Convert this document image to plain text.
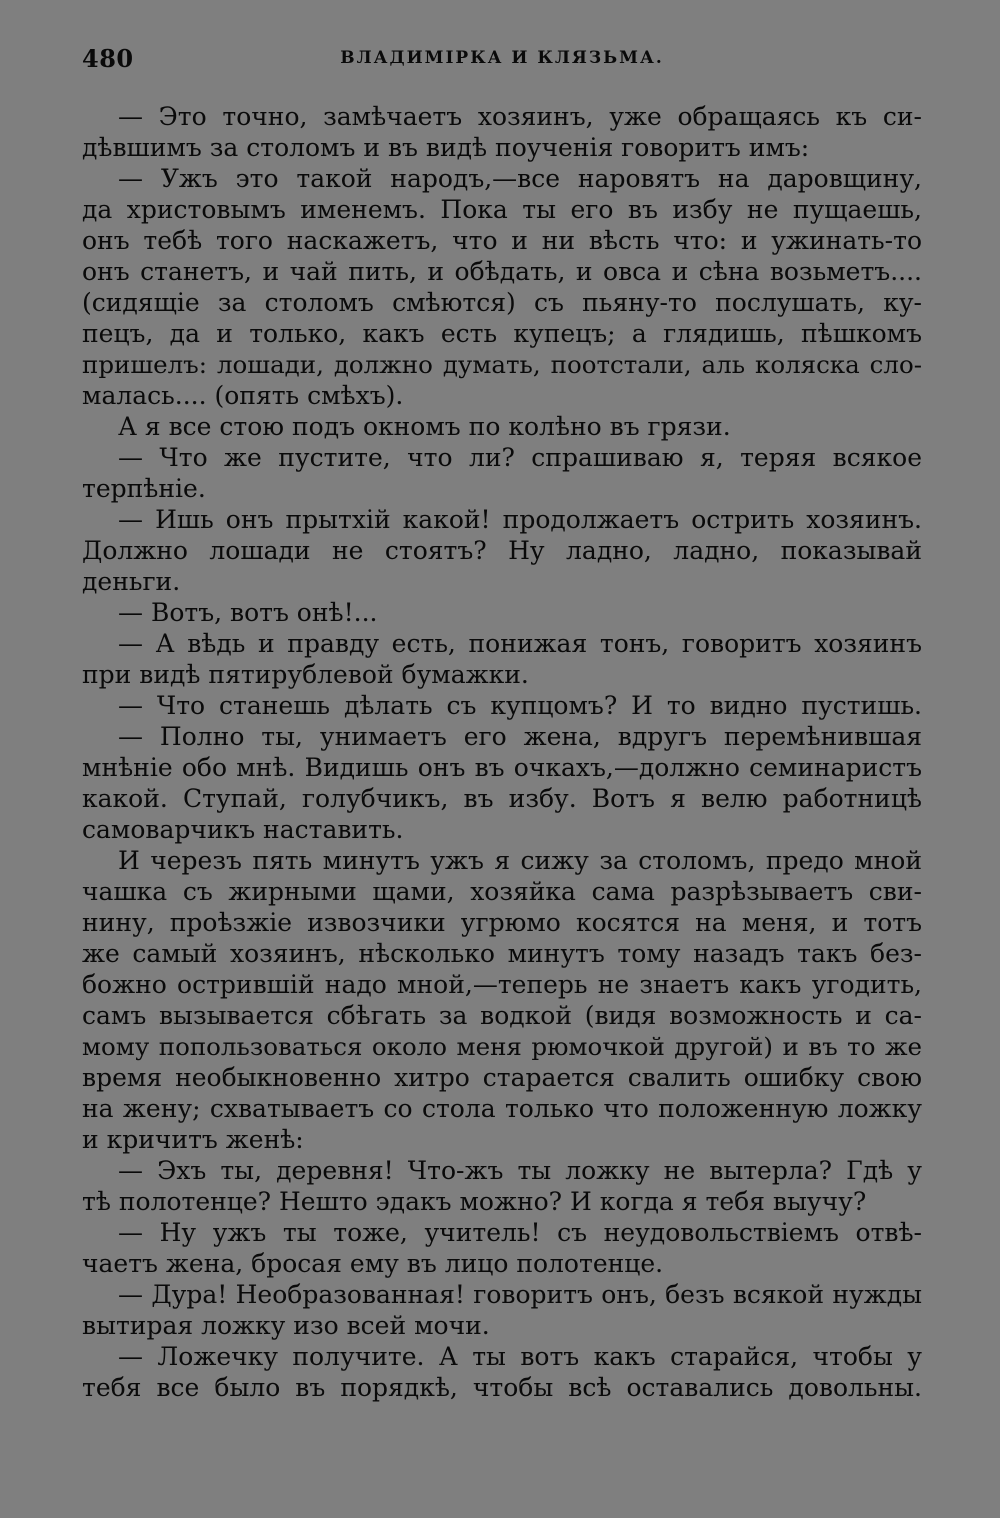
480	ВЛАДИМІРКА И КЛЯЗЬМА.
— Это точно, замѣчаетъ хозяинъ, уже обращаясь къ си-
дѣвшимъ за столомъ и въ видѣ поученія говоритъ имъ:
— Ужъ это такой народъ,—все наровятъ на даровщину,
да христовымъ именемъ. Пока ты его въ избу не пущаешь,
онъ тебѣ того наскажетъ, что и ни вѣсть что: и ужинать-то
онъ станетъ, и чай пить, и обѣдать, и овса и сѣна возьметъ....
(сидящіе за столомъ смѣются) съ пьяну-то послушать, ку-
пецъ, да и только, какъ есть купецъ; а глядишь, пѣшкомъ
пришелъ: лошади, должно думать, поотстали, аль коляска сло-
малась.... (опять смѣхъ).
А я все стою подъ окномъ по колѣно въ грязи.
— Что же пустите, что ли? спрашиваю я, теряя всякое
терпѣніе.
— Ишь онъ прытхій какой! продолжаетъ острить хозяинъ.
Должно лошади не стоятъ? Ну ладно, ладно, показывай
деньги.
— Вотъ, вотъ онѣ!...
— А вѣдь и правду есть, понижая тонъ, говоритъ хозяинъ
при видѣ пятирублевой бумажки.
— Что станешь дѣлать съ купцомъ? И то видно пустишь.
— Полно ты, унимаетъ его жена, вдругъ перемѣнившая
мнѣніе обо мнѣ. Видишь онъ въ очкахъ,—должно семинаристъ
какой. Ступай, голубчикъ, въ избу. Вотъ я велю работницѣ
самоварчикъ наставить.
И черезъ пять минутъ ужъ я сижу за столомъ, предо мной
чашка съ жирными щами, хозяйка сама разрѣзываетъ сви-
нину, проѣзжіе извозчики угрюмо косятся на меня, и тотъ
же самый хозяинъ, нѣсколько минутъ тому назадъ такъ без-
божно острившій надо мной,—теперь не знаетъ какъ угодить,
самъ вызывается сбѣгать за водкой (видя возможность и са-
мому попользоваться около меня рюмочкой другой) и въ то же
время необыкновенно хитро старается свалить ошибку свою
на жену; схватываетъ со стола только что положенную ложку
и кричитъ женѣ:
— Эхъ ты, деревня! Что-жъ ты ложку не вытерла? Гдѣ у
тѣ полотенце? Нешто эдакъ можно? И когда я тебя выучу?
— Ну ужъ ты тоже, учитель! съ неудовольствіемъ отвѣ-
чаетъ жена, бросая ему въ лицо полотенце.
— Дура! Необразованная! говоритъ онъ, безъ всякой нужды
вытирая ложку изо всей мочи.
— Ложечку получите. А ты вотъ какъ старайся, чтобы у
тебя все было въ порядкѣ, чтобы всѣ оставались довольны.
